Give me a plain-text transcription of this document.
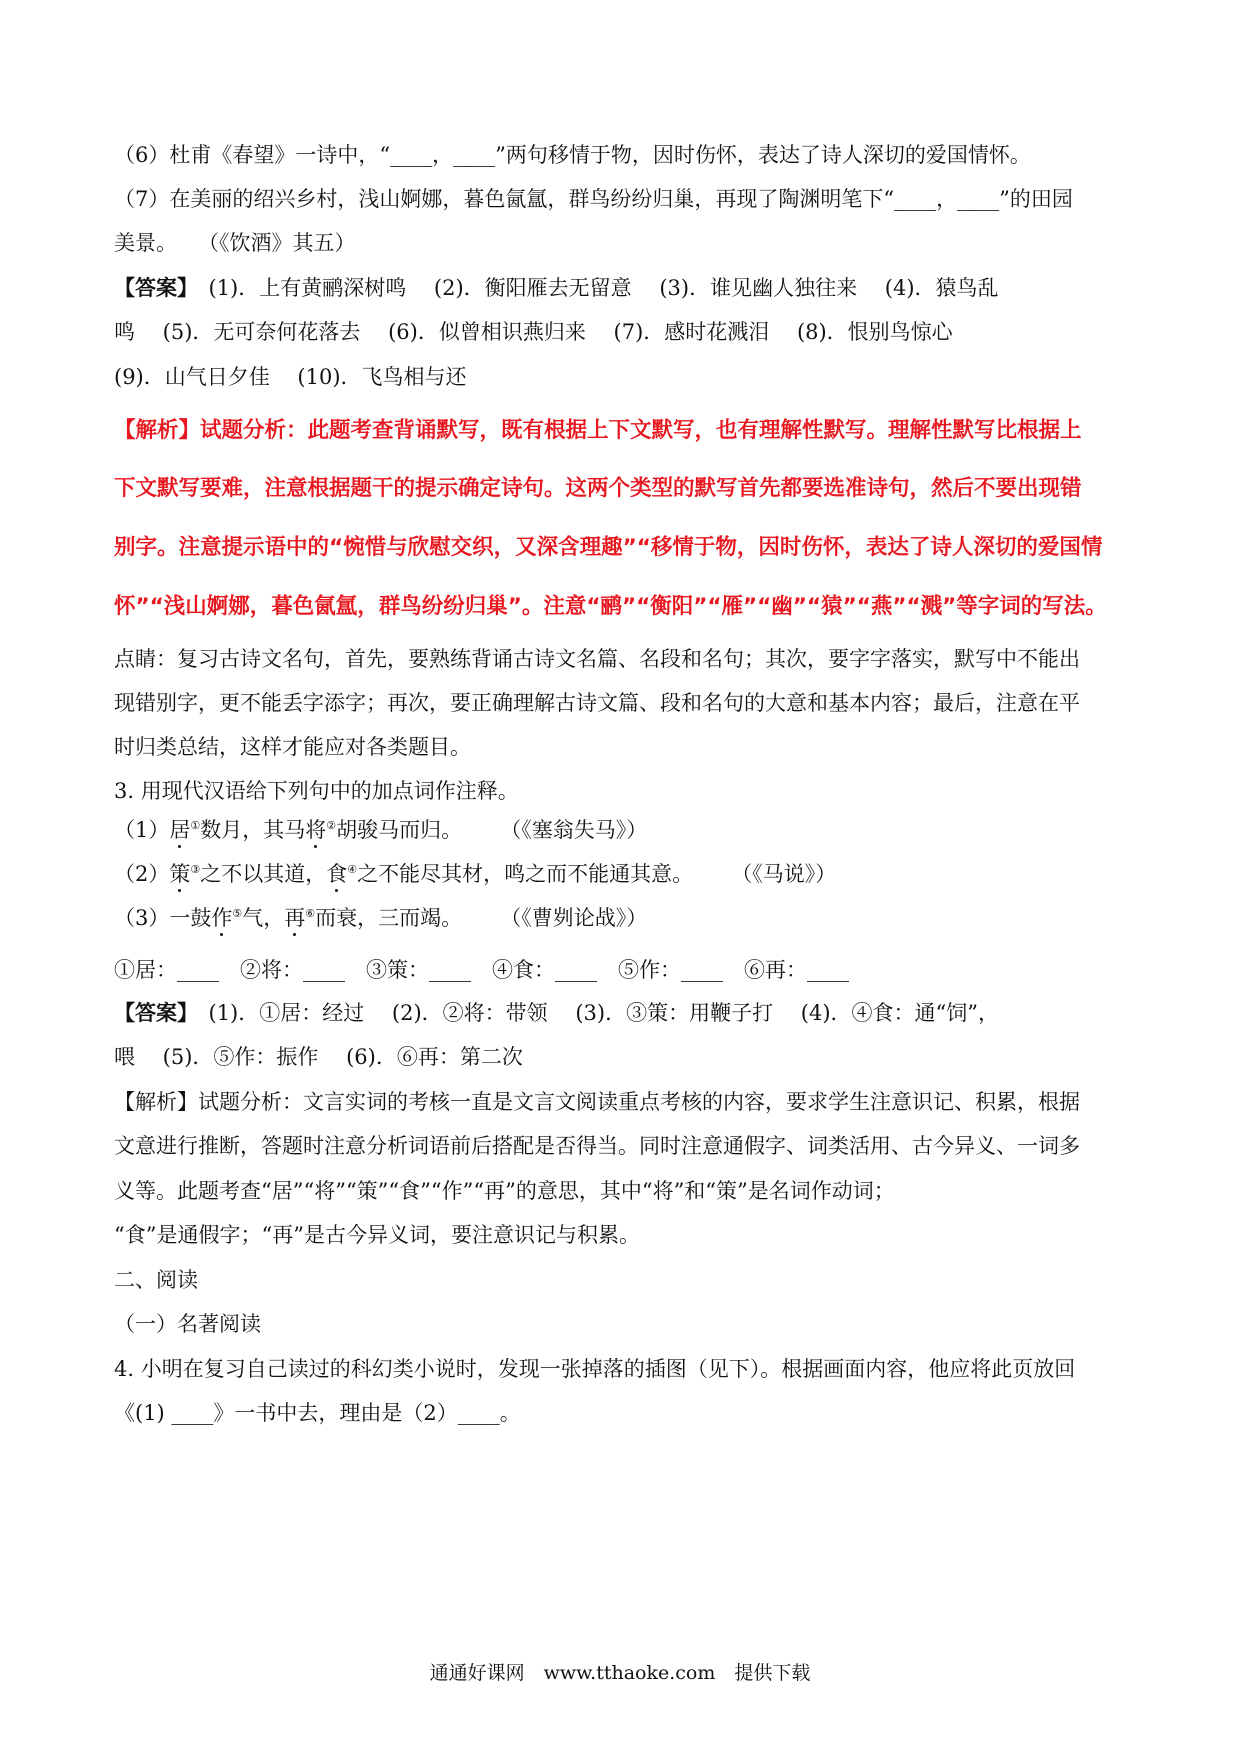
（6）杜甫《春望》一诗中，“____，____”两句移情于物，因时伤怀，表达了诗人深切的爱国情怀。
（7）在美丽的绍兴乡村，浅山婀娜，暮色氤氲，群鸟纷纷归巢，再现了陶渊明笔下“____，____”的田园
美景。　　（《饮酒》其五）
【答案】　(1)．上有黄鹂深树鸣　 (2)．衡阳雁去无留意　 (3)．谁见幽人独往来　 (4)．猿鸟乱
鸣　 (5)．无可奈何花落去　 (6)．似曾相识燕归来　 (7)．感时花溅泪　 (8)．恨别鸟惊心
(9)．山气日夕佳　 (10)．飞鸟相与还
【解析】试题分析：此题考查背诵默写，既有根据上下文默写，也有理解性默写。理解性默写比根据上
下文默写要难，注意根据题干的提示确定诗句。这两个类型的默写首先都要选准诗句，然后不要出现错
别字。注意提示语中的“惋惜与欣慰交织，又深含理趣”“移情于物，因时伤怀，表达了诗人深切的爱国情
怀”“浅山婀娜，暮色氤氲，群鸟纷纷归巢”。注意“鹂”“衡阳”“雁”“幽”“猿”“燕”“溅”等字词的写法。
点睛：复习古诗文名句，首先，要熟练背诵古诗文名篇、名段和名句；其次，要字字落实，默写中不能出
现错别字，更不能丢字添字；再次，要正确理解古诗文篇、段和名句的大意和基本内容；最后，注意在平
时归类总结，这样才能应对各类题目。
3. 用现代汉语给下列句中的加点词作注释。
（1）居①数月，其马将②胡骏马而归。　　 （《塞翁失马》）
（2）策③之不以其道，食④之不能尽其材，鸣之而不能通其意。　　 （《马说》）
（3）一鼓作⑤气，再⑥而衰，三而竭。　　 （《曹刿论战》）
①居：____　②将：____　③策：____　④食：____　⑤作：____　⑥再：____
【答案】　(1)．①居：经过　 (2)．②将：带领　 (3)．③策：用鞭子打　 (4)．④食：通“饲”，
喂　 (5)．⑤作：振作　 (6)．⑥再：第二次
【解析】试题分析：文言实词的考核一直是文言文阅读重点考核的内容，要求学生注意识记、积累，根据
文意进行推断，答题时注意分析词语前后搭配是否得当。同时注意通假字、词类活用、古今异义、一词多
义等。此题考查“居”“将”“策”“食”“作”“再”的意思，其中“将”和“策”是名词作动词；
“食”是通假字；“再”是古今异义词，要注意识记与积累。
二、阅读
（一）名著阅读
4. 小明在复习自己读过的科幻类小说时，发现一张掉落的插图（见下）。根据画面内容，他应将此页放回
《(1) ____》一书中去，理由是（2）____。
通通好课网　www.tthaoke.com　提供下载
